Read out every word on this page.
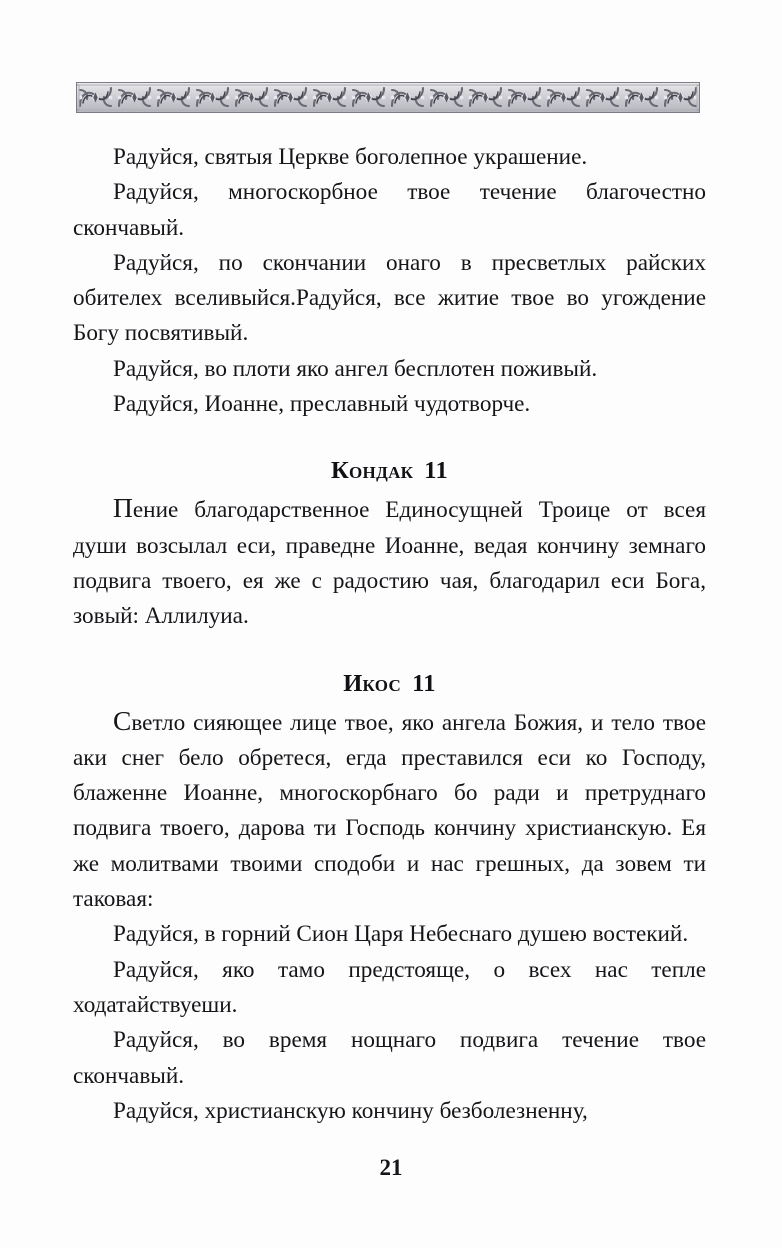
Радуйся, святыя Церкве боголепное украшение.

Радуйся, многоскорбное твое течение благочестно скончавый.

Радуйся, по скончании онаго в пресветлых райских обителех вселивыйся.Радуйся, все житие твое во угождение Богу посвятивый.

Радуйся, во плоти яко ангел бесплотен поживый.

Радуйся, Иоанне, преславный чудотворче.

Кондак 11

Пение благодарственное Единосущней Троице от всея души возсылал еси, праведне Иоанне, ведая кончину земнаго подвига твоего, ея же с радостию чая, благодарил еси Бога, зовый: Аллилуиа.

Икос 11

Светло сияющее лице твое, яко ангела Божия, и тело твое аки снег бело обретеся, егда преставился еси ко Господу, блаженне Иоанне, многоскорбнаго бо ради и претруднаго подвига твоего, дарова ти Господь кончину христианскую. Ея же молитвами твоими сподоби и нас грешных, да зовем ти таковая:

Радуйся, в горний Сион Царя Небеснаго душею востекий.

Радуйся, яко тамо предстояще, о всех нас тепле ходатайствуеши.

Радуйся, во время нощнаго подвига течение твое скончавый.

Радуйся, христианскую кончину безболезненну,

21
